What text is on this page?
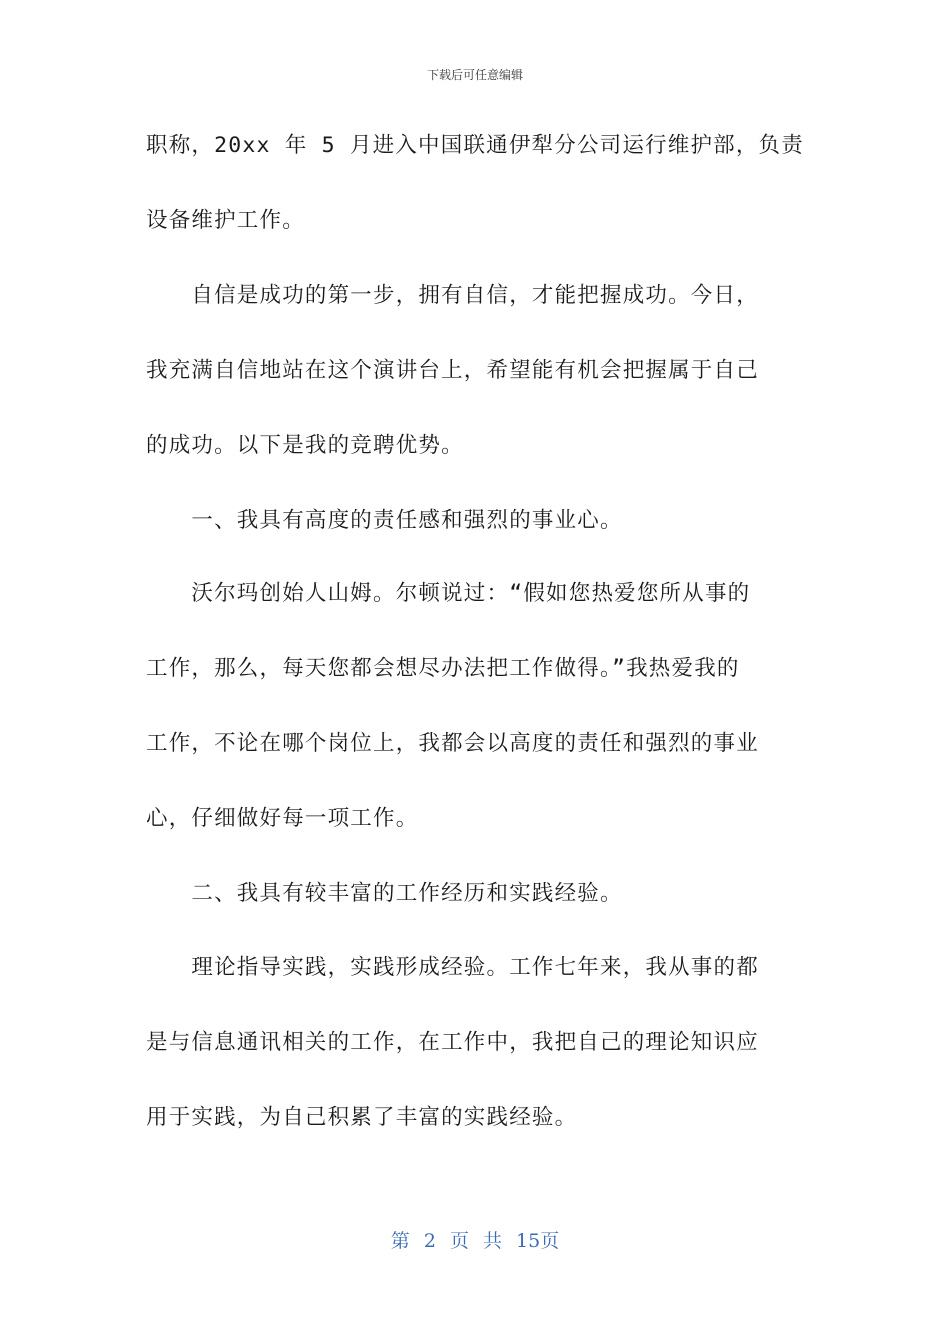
下载后可任意编辑
职称，20xx 年 5 月进入中国联通伊犁分公司运行维护部，负责
设备维护工作。
　　自信是成功的第一步，拥有自信，才能把握成功。今日，
我充满自信地站在这个演讲台上，希望能有机会把握属于自己
的成功。以下是我的竞聘优势。
　　一、我具有高度的责任感和强烈的事业心。
　　沃尔玛创始人山姆。尔顿说过：“假如您热爱您所从事的
工作，那么，每天您都会想尽办法把工作做得。”我热爱我的
工作，不论在哪个岗位上，我都会以高度的责任和强烈的事业
心，仔细做好每一项工作。
　　二、我具有较丰富的工作经历和实践经验。
　　理论指导实践，实践形成经验。工作七年来，我从事的都
是与信息通讯相关的工作，在工作中，我把自己的理论知识应
用于实践，为自己积累了丰富的实践经验。
第 2 页 共 15页
